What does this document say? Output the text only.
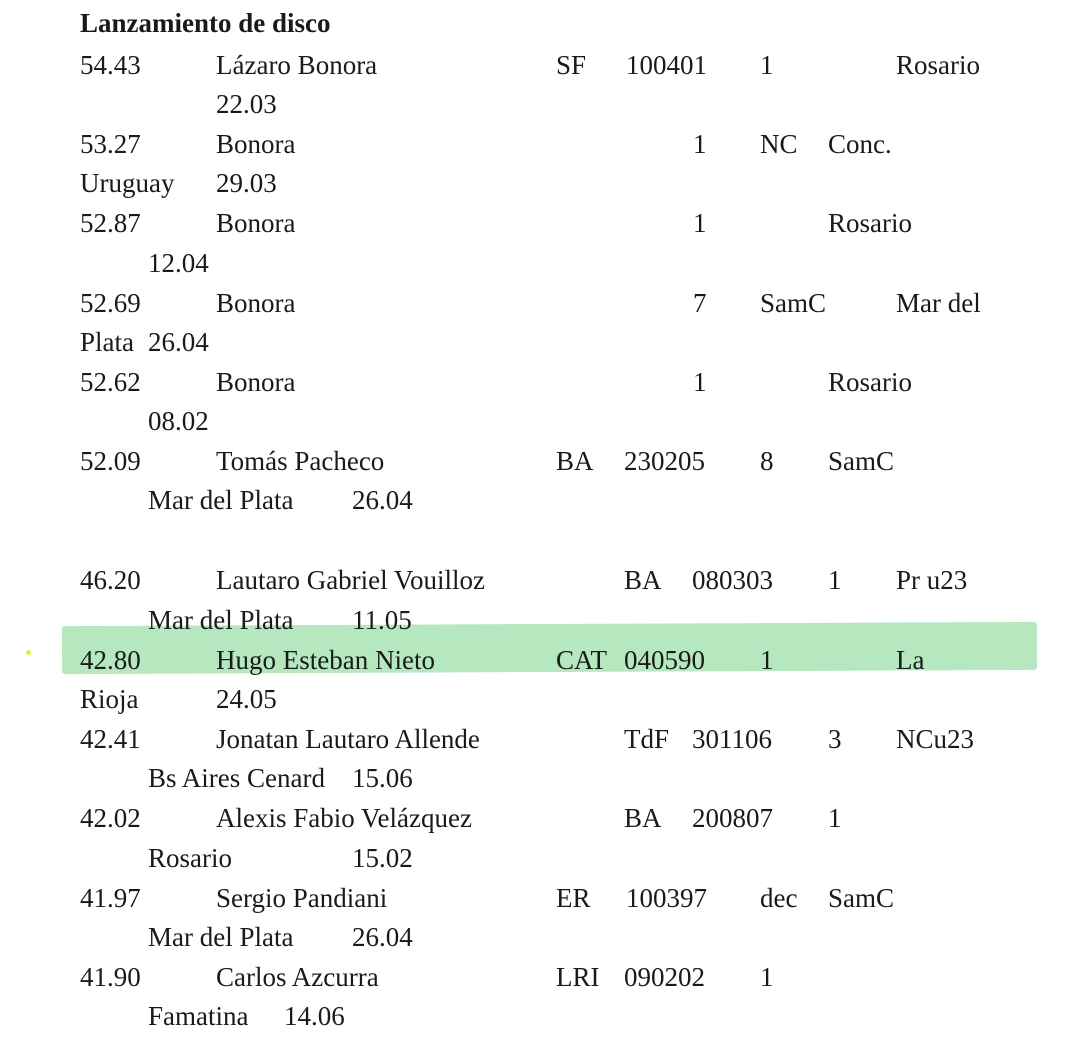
Lanzamiento de disco
54.43	Lázaro Bonora	SF 100401 1	Rosario
22.03
53.27	Bonora	1 NC Conc.
Uruguay 29.03
52.87	Bonora	1	Rosario
12.04
52.69	Bonora	7 SamC	Mar del
Plata 26.04
52.62	Bonora	1	Rosario
08.02
52.09	Tomás Pacheco	BA 230205 8 SamC
Mar del Plata 26.04
46.20	Lautaro Gabriel Vouilloz	BA 080303 1 Pr u23
Mar del Plata 11.05
42.80	Hugo Esteban Nieto	CAT 040590 1	La
Rioja	24.05
42.41	Jonatan Lautaro Allende	TdF 301106 3 NCu23
Bs Aires Cenard 15.06
42.02	Alexis Fabio Velázquez	BA 200807 1
Rosario	15.02
41.97	Sergio Pandiani	ER 100397 dec SamC
Mar del Plata 26.04
41.90	Carlos Azcurra	LRI 090202 1
Famatina 14.06
